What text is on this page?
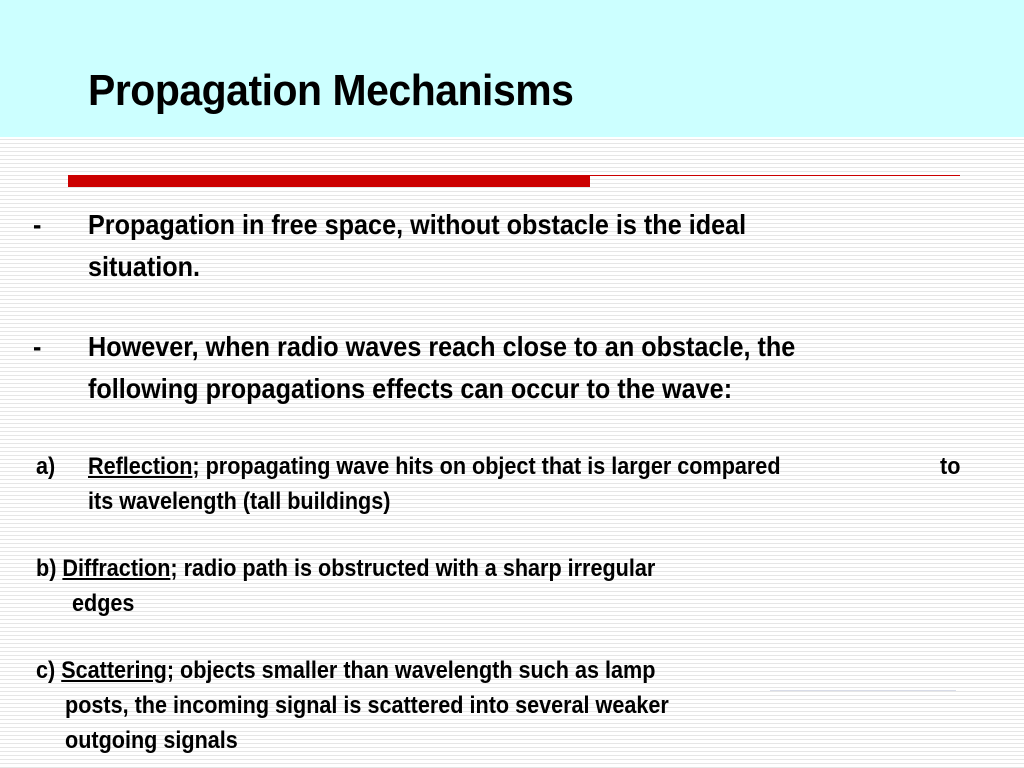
Propagation Mechanisms
- Propagation in free space, without obstacle is the ideal
situation.
- However, when radio waves reach close to an obstacle, the
following propagations effects can occur to the wave:
a) Reflection; propagating wave hits on object that is larger compared	to
its wavelength (tall buildings)
b) Diffraction; radio path is obstructed with a sharp irregular
edges
c) Scattering; objects smaller than wavelength such as lamp
posts, the incoming signal is scattered into several weaker
outgoing signals
